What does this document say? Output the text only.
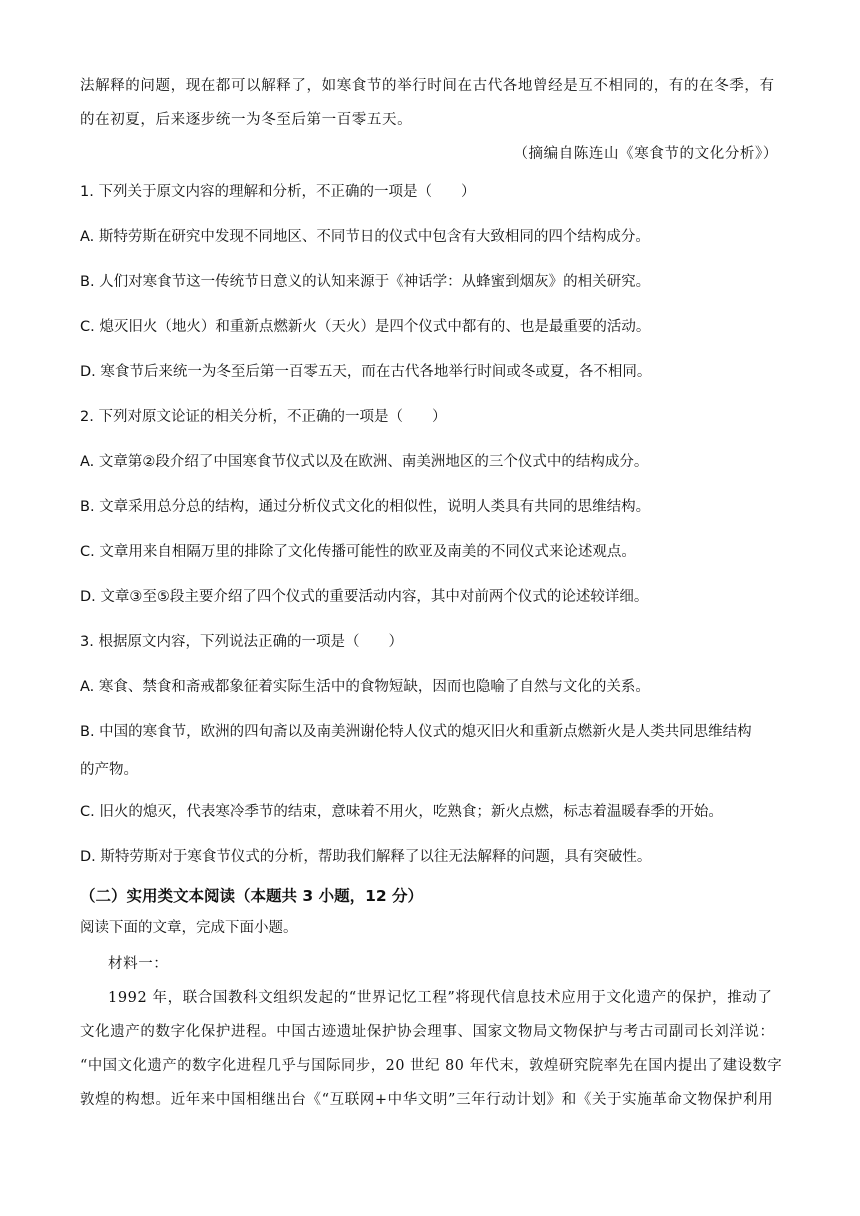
法解释的问题，现在都可以解释了，如寒食节的举行时间在古代各地曾经是互不相同的，有的在冬季，有
的在初夏，后来逐步统一为冬至后第一百零五天。
（摘编自陈连山《寒食节的文化分析》）
1. 下列关于原文内容的理解和分析，不正确的一项是（　　）
A. 斯特劳斯在研究中发现不同地区、不同节日的仪式中包含有大致相同的四个结构成分。
B. 人们对寒食节这一传统节日意义的认知来源于《神话学：从蜂蜜到烟灰》的相关研究。
C. 熄灭旧火（地火）和重新点燃新火（天火）是四个仪式中都有的、也是最重要的活动。
D. 寒食节后来统一为冬至后第一百零五天，而在古代各地举行时间或冬或夏，各不相同。
2. 下列对原文论证的相关分析，不正确的一项是（　　）
A. 文章第②段介绍了中国寒食节仪式以及在欧洲、南美洲地区的三个仪式中的结构成分。
B. 文章采用总分总的结构，通过分析仪式文化的相似性，说明人类具有共同的思维结构。
C. 文章用来自相隔万里的排除了文化传播可能性的欧亚及南美的不同仪式来论述观点。
D. 文章③至⑤段主要介绍了四个仪式的重要活动内容，其中对前两个仪式的论述较详细。
3. 根据原文内容，下列说法正确的一项是（　　）
A. 寒食、禁食和斋戒都象征着实际生活中的食物短缺，因而也隐喻了自然与文化的关系。
B. 中国的寒食节，欧洲的四旬斋以及南美洲谢伦特人仪式的熄灭旧火和重新点燃新火是人类共同思维结构
的产物。
C. 旧火的熄灭，代表寒冷季节的结束，意味着不用火，吃熟食；新火点燃，标志着温暖春季的开始。
D. 斯特劳斯对于寒食节仪式的分析，帮助我们解释了以往无法解释的问题，具有突破性。
（二）实用类文本阅读（本题共 3 小题，12 分）
阅读下面的文章，完成下面小题。
材料一：
1992 年，联合国教科文组织发起的“世界记忆工程”将现代信息技术应用于文化遗产的保护，推动了
文化遗产的数字化保护进程。中国古迹遗址保护协会理事、国家文物局文物保护与考古司副司长刘洋说：
“中国文化遗产的数字化进程几乎与国际同步，20 世纪 80 年代末，敦煌研究院率先在国内提出了建设数字
敦煌的构想。近年来中国相继出台《“互联网+中华文明”三年行动计划》和《关于实施革命文物保护利用
